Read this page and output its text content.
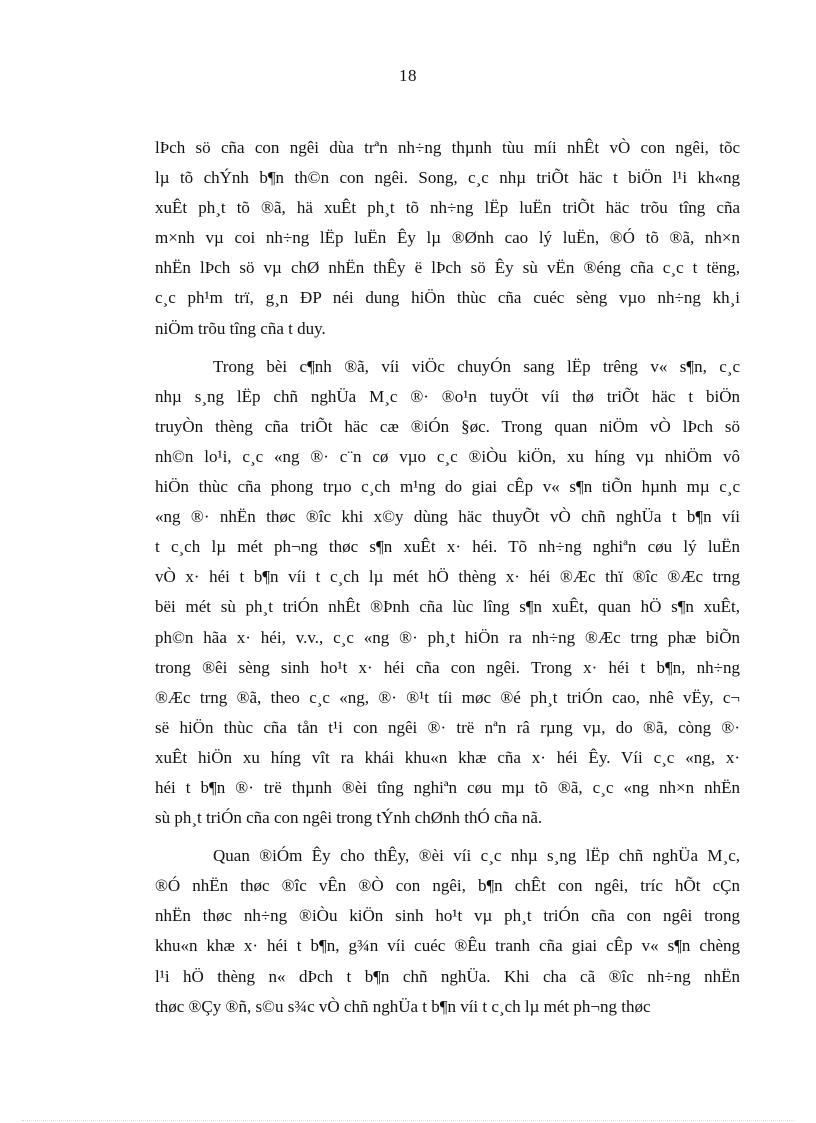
18
lÞch sö cña con ngêi dùa trªn nh÷ng thµnh tùu míi nhÊt vÒ con ngêi, tõc
lµ tõ chÝnh b¶n th©n con ngêi. Song, c¸c nhµ triÕt häc t biÖn l¹i kh«ng
xuÊt ph¸t tõ ®ã, hä xuÊt ph¸t tõ nh÷ng lËp luËn triÕt häc trõu tîng cña
m×nh vµ coi nh÷ng lËp luËn Êy lµ ®Ønh cao lý luËn, ®Ó tõ ®ã, nh×n
nhËn lÞch sö vµ chØ nhËn thÊy ë lÞch sö Êy sù vËn ®éng cña c¸c t tëng,
c¸c ph¹m trï, g¸n ÐP néi dung hiÖn thùc cña cuéc sèng vµo nh÷ng kh¸i
niÖm trõu tîng cña t duy.
Trong bèi c¶nh ®ã, víi viÖc chuyÓn sang lËp trêng v« s¶n, c¸c
nhµ s¸ng lËp chñ nghÜa M¸c ®· ®o¹n tuyÖt víi thø triÕt häc t biÖn
truyÒn thèng cña triÕt häc cæ ®iÓn §øc. Trong quan niÖm vÒ lÞch sö
nh©n lo¹i, c¸c «ng ®· c¨n cø vµo c¸c ®iÒu kiÖn, xu híng vµ nhiÖm vô
hiÖn thùc cña phong trµo c¸ch m¹ng do giai cÊp v« s¶n tiÕn hµnh mµ c¸c
«ng ®· nhËn thøc ®îc khi x©y dùng häc thuyÕt vÒ chñ nghÜa t b¶n víi
t c¸ch lµ mét ph¬ng thøc s¶n xuÊt x· héi. Tõ nh÷ng nghiªn cøu lý luËn
vÒ x· héi t b¶n víi t c¸ch lµ mét hÖ thèng x· héi ®Æc thï ®îc ®Æc trng
bëi mét sù ph¸t triÓn nhÊt ®Þnh cña lùc lîng s¶n xuÊt, quan hÖ s¶n xuÊt,
ph©n hãa x· héi, v.v., c¸c «ng ®· ph¸t hiÖn ra nh÷ng ®Æc trng phæ biÕn
trong ®êi sèng sinh ho¹t x· héi cña con ngêi. Trong x· héi t b¶n, nh÷ng
®Æc trng ®ã, theo c¸c «ng, ®· ®¹t tíi møc ®é ph¸t triÓn cao, nhê vËy, c¬
së hiÖn thùc cña tån t¹i con ngêi ®· trë nªn râ rµng vµ, do ®ã, còng ®·
xuÊt hiÖn xu híng vît ra khái khu«n khæ cña x· héi Êy. Víi c¸c «ng, x·
héi t b¶n ®· trë thµnh ®èi tîng nghiªn cøu mµ tõ ®ã, c¸c «ng nh×n nhËn
sù ph¸t triÓn cña con ngêi trong tÝnh chØnh thÓ cña nã.
Quan ®iÓm Êy cho thÊy, ®èi víi c¸c nhµ s¸ng lËp chñ nghÜa M¸c,
®Ó nhËn thøc ®îc vÊn ®Ò con ngêi, b¶n chÊt con ngêi, tríc hÕt cÇn
nhËn thøc nh÷ng ®iÒu kiÖn sinh ho¹t vµ ph¸t triÓn cña con ngêi trong
khu«n khæ x· héi t b¶n, g¾n víi cuéc ®Êu tranh cña giai cÊp v« s¶n chèng
l¹i hÖ thèng n« dÞch t b¶n chñ nghÜa. Khi cha cã ®îc nh÷ng nhËn
thøc ®Çy ®ñ, s©u s¾c vÒ chñ nghÜa t b¶n víi t c¸ch lµ mét ph¬ng thøc
